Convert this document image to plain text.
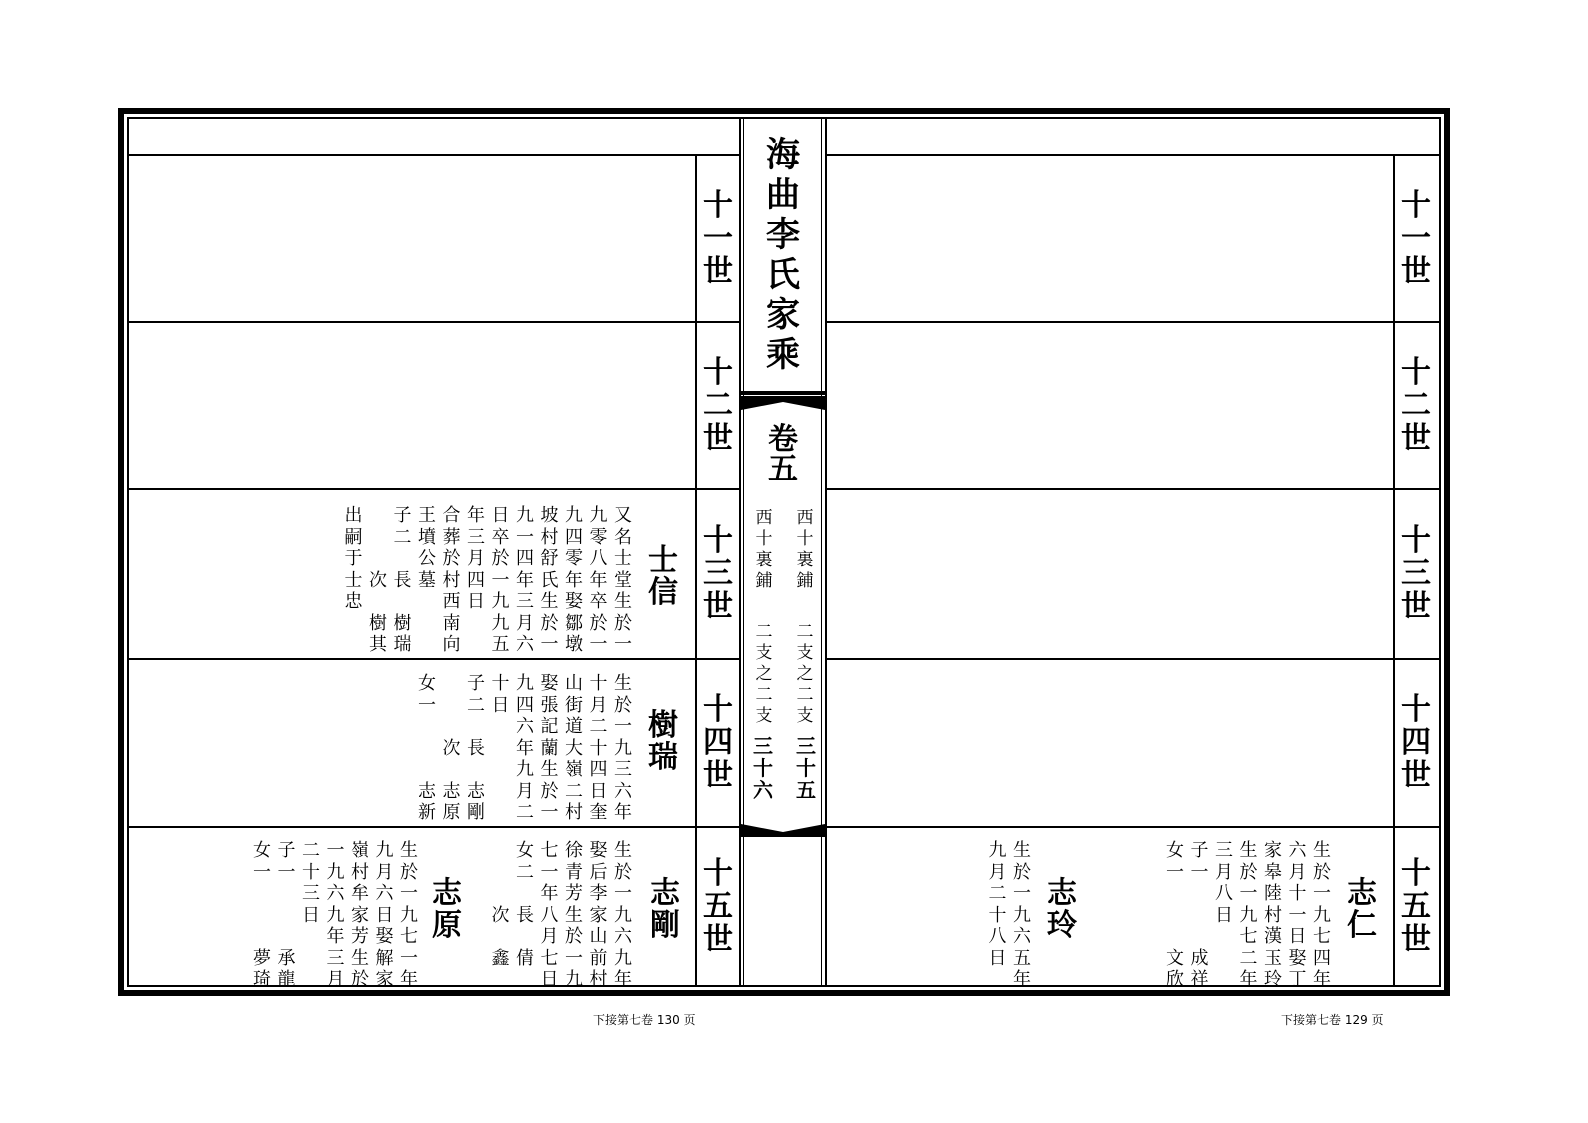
海
曲
李
氏
家
乘
卷
五
西
十
裏
鋪
西
十
裏
鋪
二
支
之
二
支
二
支
之
二
支
三
十
五
三
十
六
十
一
世
十
二
世
十
三
世
十
四
世
十
五
世
十
一
世
十
二
世
十
三
世
十
四
世
十
五
世
士
信
又
名
士
堂
生
於
一
九
零
八
年
卒
於
一
九
四
零
年
娶
鄒
墩
坡
村
舒
氏
生
於
一
九
一
四
年
三
月
六
日
卒
於
一
九
九
五
年
三
月
四
日
合
葬
於
村
西
南
向
王
墳
公
墓
子
二

長

樹
瑞

次

樹
其
出
嗣
于
士
忠
樹
瑞
生
於
一
九
三
六
年
十
月
二
十
四
日
奎
山
街
道
大
嶺
二
村
娶
張
記
蘭
生
於
一
九
四
六
年
九
月
二
十
日
子
二

長

志
剛

次

志
原
女
一

志
新
志
剛
生
於
一
九
六
九
年
娶
后
李
家
山
前
村
徐
青
芳
生
於
一
九
七
一
年
八
月
七
日
女
二

長

倩

次

鑫
志
原
生
於
一
九
七
一
年
九
月
六
日
娶
解
家
嶺
村
牟
家
芳
生
於
一
九
六
九
年
三
月
二
十
三
日
子
一

承
龍
女
一

夢
琦
志
仁
生
於
一
九
七
四
年
六
月
十
一
日
娶
丁
家
皋
陸
村
漢
玉
玲
生
於
一
九
七
二
年
三
月
八
日
子
一

成
祥
女
一

文
欣
志
玲
生
於
一
九
六
五
年
九
月
二
十
八
日
下接第七卷 130 页	下接第七卷 129 页
